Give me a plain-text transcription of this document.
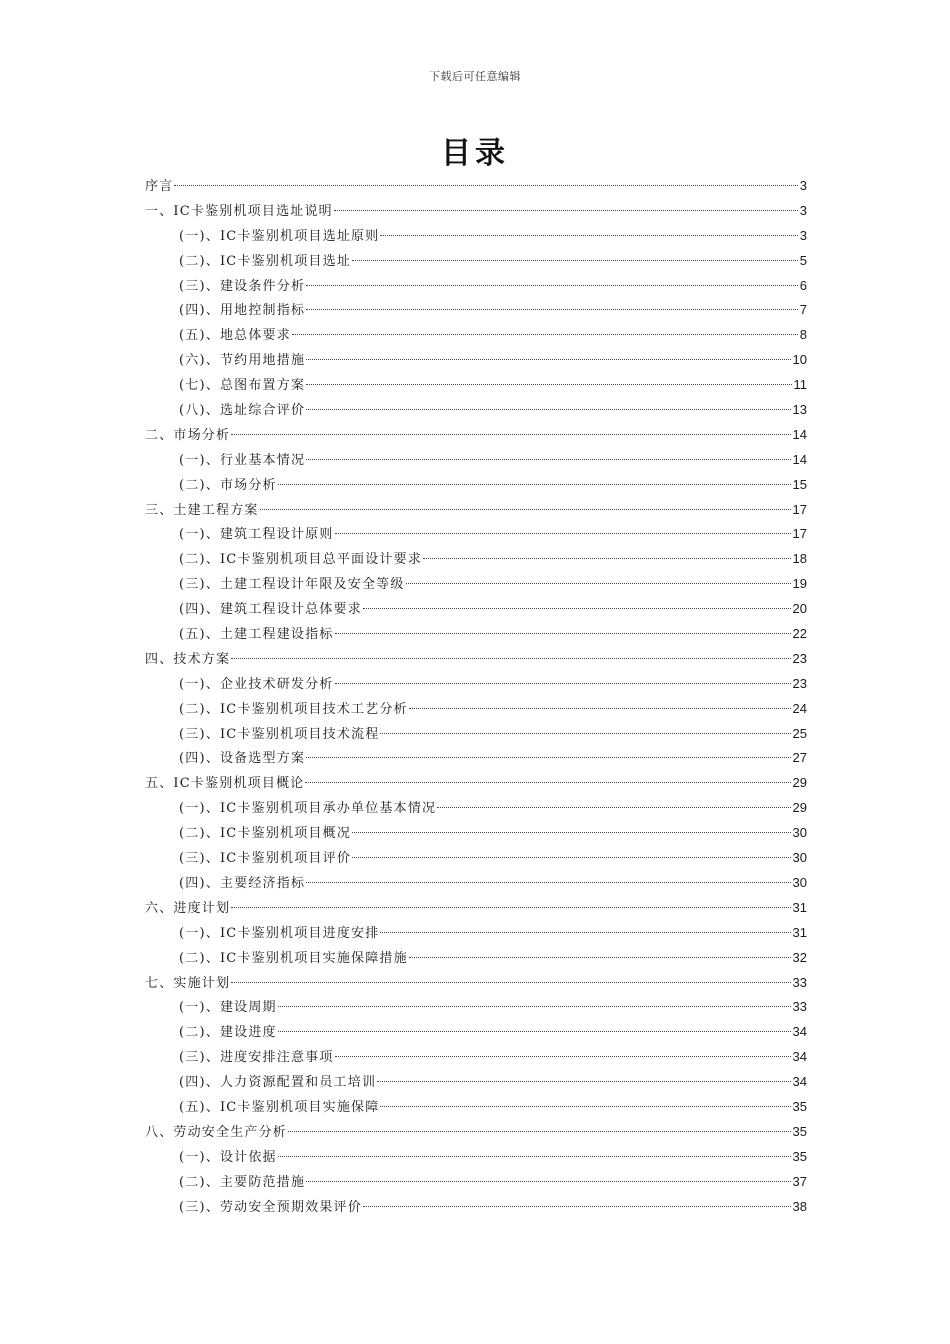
下载后可任意编辑
目录
序言	3
一、IC卡鉴别机项目选址说明	3
(一)、IC卡鉴别机项目选址原则	3
(二)、IC卡鉴别机项目选址	5
(三)、建设条件分析	6
(四)、用地控制指标	7
(五)、地总体要求	8
(六)、节约用地措施	10
(七)、总图布置方案	11
(八)、选址综合评价	13
二、市场分析	14
(一)、行业基本情况	14
(二)、市场分析	15
三、土建工程方案	17
(一)、建筑工程设计原则	17
(二)、IC卡鉴别机项目总平面设计要求	18
(三)、土建工程设计年限及安全等级	19
(四)、建筑工程设计总体要求	20
(五)、土建工程建设指标	22
四、技术方案	23
(一)、企业技术研发分析	23
(二)、IC卡鉴别机项目技术工艺分析	24
(三)、IC卡鉴别机项目技术流程	25
(四)、设备选型方案	27
五、IC卡鉴别机项目概论	29
(一)、IC卡鉴别机项目承办单位基本情况	29
(二)、IC卡鉴别机项目概况	30
(三)、IC卡鉴别机项目评价	30
(四)、主要经济指标	30
六、进度计划	31
(一)、IC卡鉴别机项目进度安排	31
(二)、IC卡鉴别机项目实施保障措施	32
七、实施计划	33
(一)、建设周期	33
(二)、建设进度	34
(三)、进度安排注意事项	34
(四)、人力资源配置和员工培训	34
(五)、IC卡鉴别机项目实施保障	35
八、劳动安全生产分析	35
(一)、设计依据	35
(二)、主要防范措施	37
(三)、劳动安全预期效果评价	38
